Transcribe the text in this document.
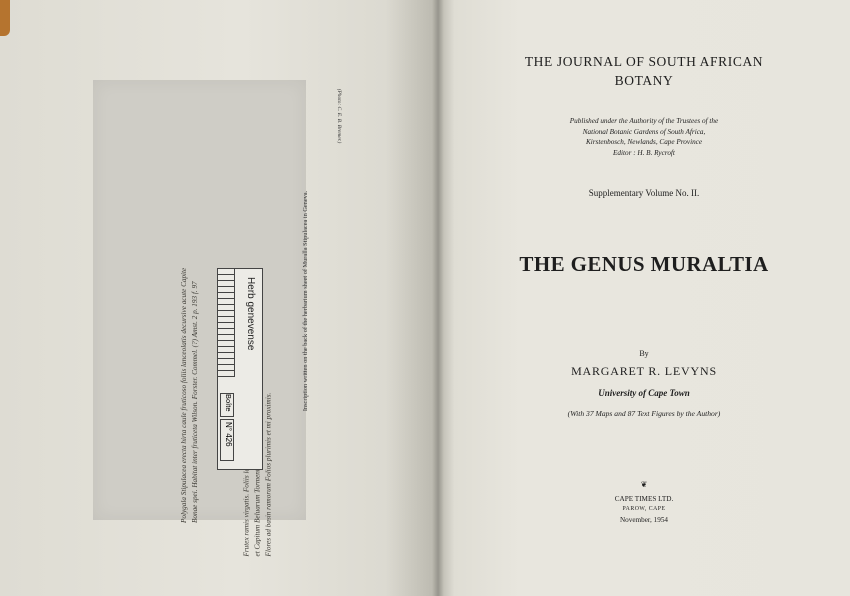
Polygala Stipulacea erecta hirta caule fruticoso foliis lanceolatis decursive acute Capite Bonae spei. Habitat inter fruticeta Wilson. Forster. Commel. (?) Amst. 2 p. 193 f. 97	Flores ad basin ramorum Folios plurimis et mi proximis.
Herb genevense
Boîte
N° 426
Inscription written on the back of the herbarium sheet of Muralla Stipulacea in Geneva.
(Photo: C. E. B. Bremer.)
THE JOURNAL OF SOUTH AFRICAN
BOTANY
Published under the Authority of the Trustees of the
National Botanic Gardens of South Africa,
Kirstenbosch, Newlands, Cape Province
Editor : H. B. Rycroft
Supplementary Volume No. II.
THE GENUS MURALTIA
By
MARGARET R. LEVYNS
University of Cape Town
(With 37 Maps and 87 Text Figures by the Author)
❦
CAPE TIMES LTD.
PAROW, CAPE
November, 1954
